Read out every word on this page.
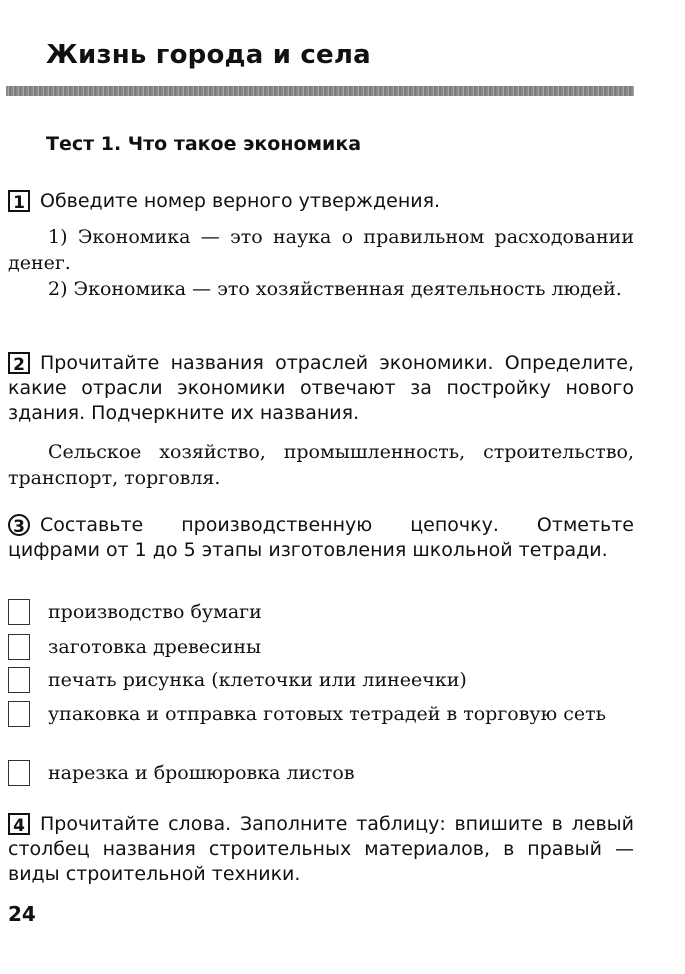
Жизнь города и села
Тест 1. Что такое экономика
1 Обведите номер верного утверждения.

1) Экономика — это наука о правильном расходовании денег.

2) Экономика — это хозяйственная деятельность людей.

2 Прочитайте названия отраслей экономики. Определите, какие отрасли экономики отвечают за постройку нового здания. Подчеркните их названия.

Сельское хозяйство, промышленность, строительство, транспорт, торговля.

3 Составьте производственную цепочку. Отметьте цифрами от 1 до 5 этапы изготовления школьной тетради.
производство бумаги
заготовка древесины
печать рисунка (клеточки или линеечки)
упаковка и отправка готовых тетрадей в торговую сеть
нарезка и брошюровка листов
4 Прочитайте слова. Заполните таблицу: впишите в левый столбец названия строительных материалов, в правый — виды строительной техники.
24
